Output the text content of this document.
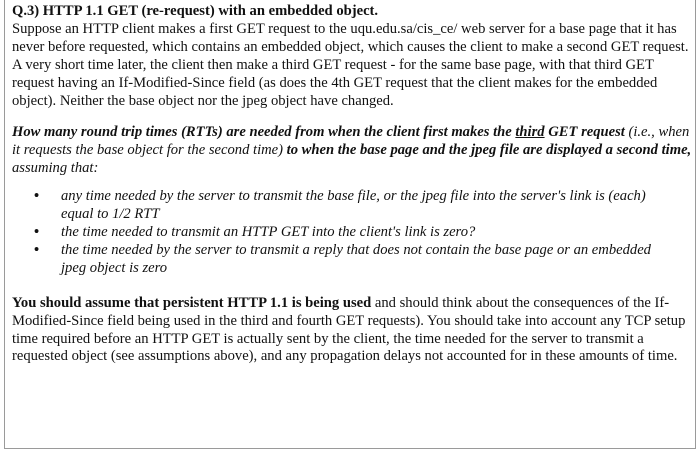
Q.3) HTTP 1.1 GET (re-request) with an embedded object.

Suppose an HTTP client makes a first GET request to the uqu.edu.sa/cis_ce/ web server for a base page that it has never before requested, which contains an embedded object, which causes the client to make a second GET request. A very short time later, the client then make a third GET request - for the same base page, with that third GET request having an If-Modified-Since field (as does the 4th GET request that the client makes for the embedded object). Neither the base object nor the jpeg object have changed.

How many round trip times (RTTs) are needed from when the client first makes the third GET request (i.e., when it requests the base object for the second time) to when the base page and the jpeg file are displayed a second time, assuming that:

• any time needed by the server to transmit the base file, or the jpeg file into the server's link is (each) equal to 1/2 RTT
• the time needed to transmit an HTTP GET into the client's link is zero?
• the time needed by the server to transmit a reply that does not contain the base page or an embedded jpeg object is zero

You should assume that persistent HTTP 1.1 is being used and should think about the consequences of the If-Modified-Since field being used in the third and fourth GET requests). You should take into account any TCP setup time required before an HTTP GET is actually sent by the client, the time needed for the server to transmit a requested object (see assumptions above), and any propagation delays not accounted for in these amounts of time.
